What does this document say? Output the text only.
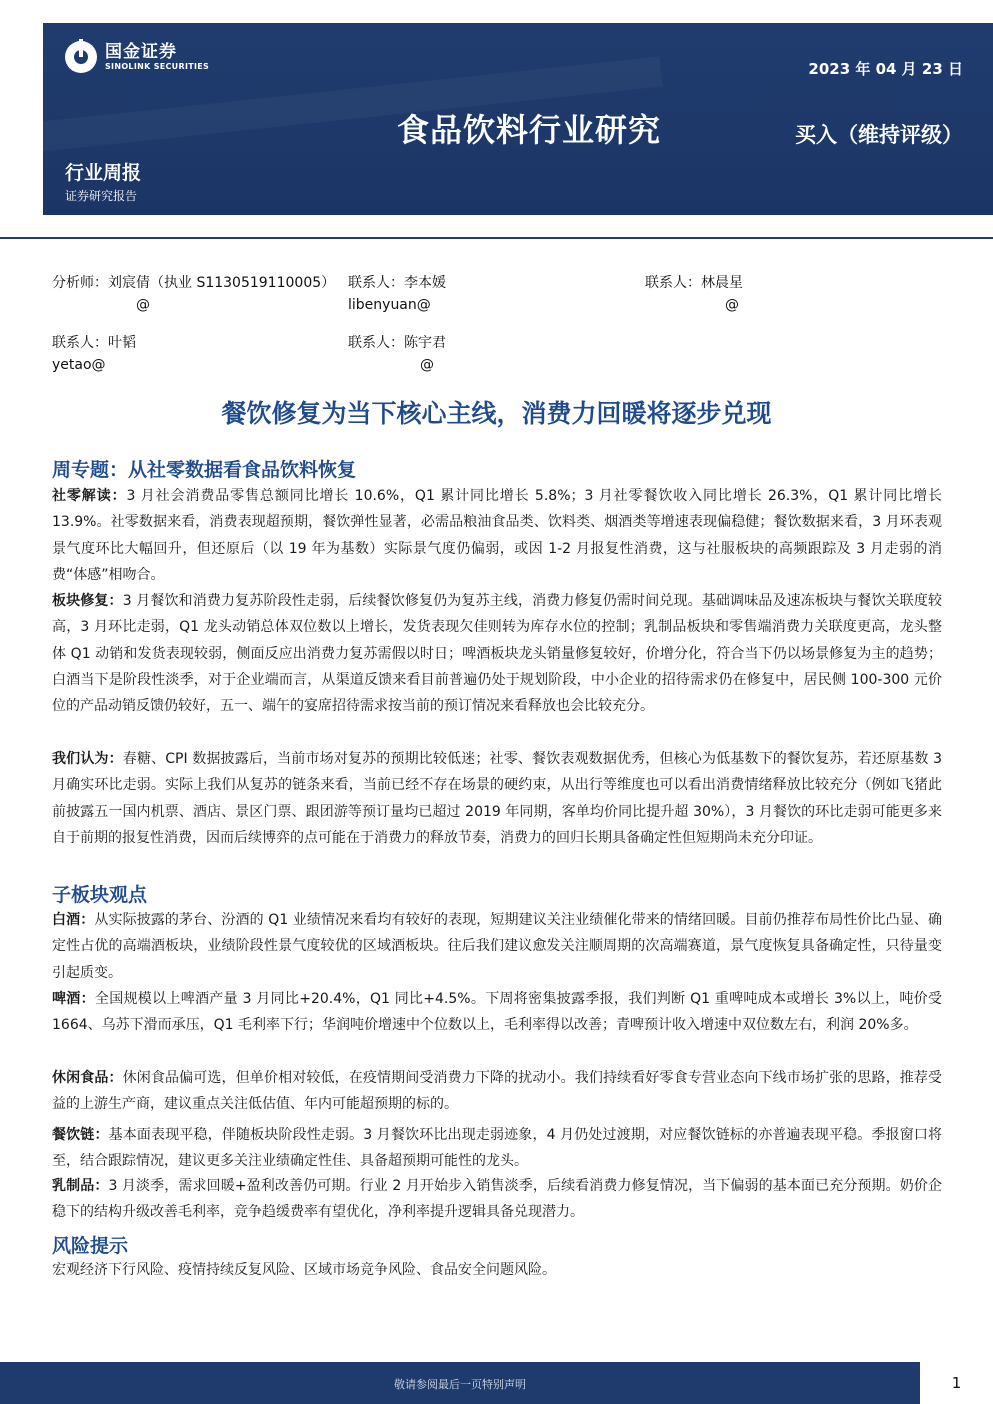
国金证券
SINOLINK SECURITIES	2023 年 04 月 23 日
食品饮料行业研究	买入（维持评级）
行业周报
证券研究报告
分析师：刘宸倩（执业 S1130519110005）
@
联系人：李本媛
libenyuan@
联系人：林晨星
@
联系人：叶韬
yetao@
联系人：陈宇君
@
餐饮修复为当下核心主线，消费力回暖将逐步兑现
周专题：从社零数据看食品饮料恢复

社零解读：3 月社会消费品零售总额同比增长 10.6%，Q1 累计同比增长 5.8%；3 月社零餐饮收入同比增长 26.3%，Q1 累计同比增长 13.9%。社零数据来看，消费表现超预期，餐饮弹性显著，必需品粮油食品类、饮料类、烟酒类等增速表现偏稳健；餐饮数据来看，3 月环表观景气度环比大幅回升，但还原后（以 19 年为基数）实际景气度仍偏弱，或因 1-2 月报复性消费，这与社服板块的高频跟踪及 3 月走弱的消费“体感”相吻合。

板块修复：3 月餐饮和消费力复苏阶段性走弱，后续餐饮修复仍为复苏主线，消费力修复仍需时间兑现。基础调味品及速冻板块与餐饮关联度较高，3 月环比走弱，Q1 龙头动销总体双位数以上增长，发货表现欠佳则转为库存水位的控制；乳制品板块和零售端消费力关联度更高，龙头整体 Q1 动销和发货表现较弱，侧面反应出消费力复苏需假以时日；啤酒板块龙头销量修复较好，价增分化，符合当下仍以场景修复为主的趋势；白酒当下是阶段性淡季，对于企业端而言，从渠道反馈来看目前普遍仍处于规划阶段，中小企业的招待需求仍在修复中，居民侧 100-300 元价位的产品动销反馈仍较好，五一、端午的宴席招待需求按当前的预订情况来看释放也会比较充分。

我们认为：春糖、CPI 数据披露后，当前市场对复苏的预期比较低迷；社零、餐饮表观数据优秀，但核心为低基数下的餐饮复苏，若还原基数 3 月确实环比走弱。实际上我们从复苏的链条来看，当前已经不存在场景的硬约束，从出行等维度也可以看出消费情绪释放比较充分（例如飞猪此前披露五一国内机票、酒店、景区门票、跟团游等预订量均已超过 2019 年同期，客单均价同比提升超 30%），3 月餐饮的环比走弱可能更多来自于前期的报复性消费，因而后续博弈的点可能在于消费力的释放节奏，消费力的回归长期具备确定性但短期尚未充分印证。

子板块观点

白酒：从实际披露的茅台、汾酒的 Q1 业绩情况来看均有较好的表现，短期建议关注业绩催化带来的情绪回暖。目前仍推荐布局性价比凸显、确定性占优的高端酒板块，业绩阶段性景气度较优的区域酒板块。往后我们建议愈发关注顺周期的次高端赛道，景气度恢复具备确定性，只待量变引起质变。

啤酒：全国规模以上啤酒产量 3 月同比+20.4%，Q1 同比+4.5%。下周将密集披露季报，我们判断 Q1 重啤吨成本或增长 3%以上，吨价受 1664、乌苏下滑而承压，Q1 毛利率下行；华润吨价增速中个位数以上，毛利率得以改善；青啤预计收入增速中双位数左右，利润 20%多。

休闲食品：休闲食品偏可选，但单价相对较低，在疫情期间受消费力下降的扰动小。我们持续看好零食专营业态向下线市场扩张的思路，推荐受益的上游生产商，建议重点关注低估值、年内可能超预期的标的。

餐饮链：基本面表现平稳，伴随板块阶段性走弱。3 月餐饮环比出现走弱迹象，4 月仍处过渡期，对应餐饮链标的亦普遍表现平稳。季报窗口将至，结合跟踪情况，建议更多关注业绩确定性佳、具备超预期可能性的龙头。

乳制品：3 月淡季，需求回暖+盈利改善仍可期。行业 2 月开始步入销售淡季，后续看消费力修复情况，当下偏弱的基本面已充分预期。奶价企稳下的结构升级改善毛利率，竞争趋缓费率有望优化，净利率提升逻辑具备兑现潜力。

风险提示

宏观经济下行风险、疫情持续反复风险、区域市场竞争风险、食品安全问题风险。

敬请参阅最后一页特别声明	1
